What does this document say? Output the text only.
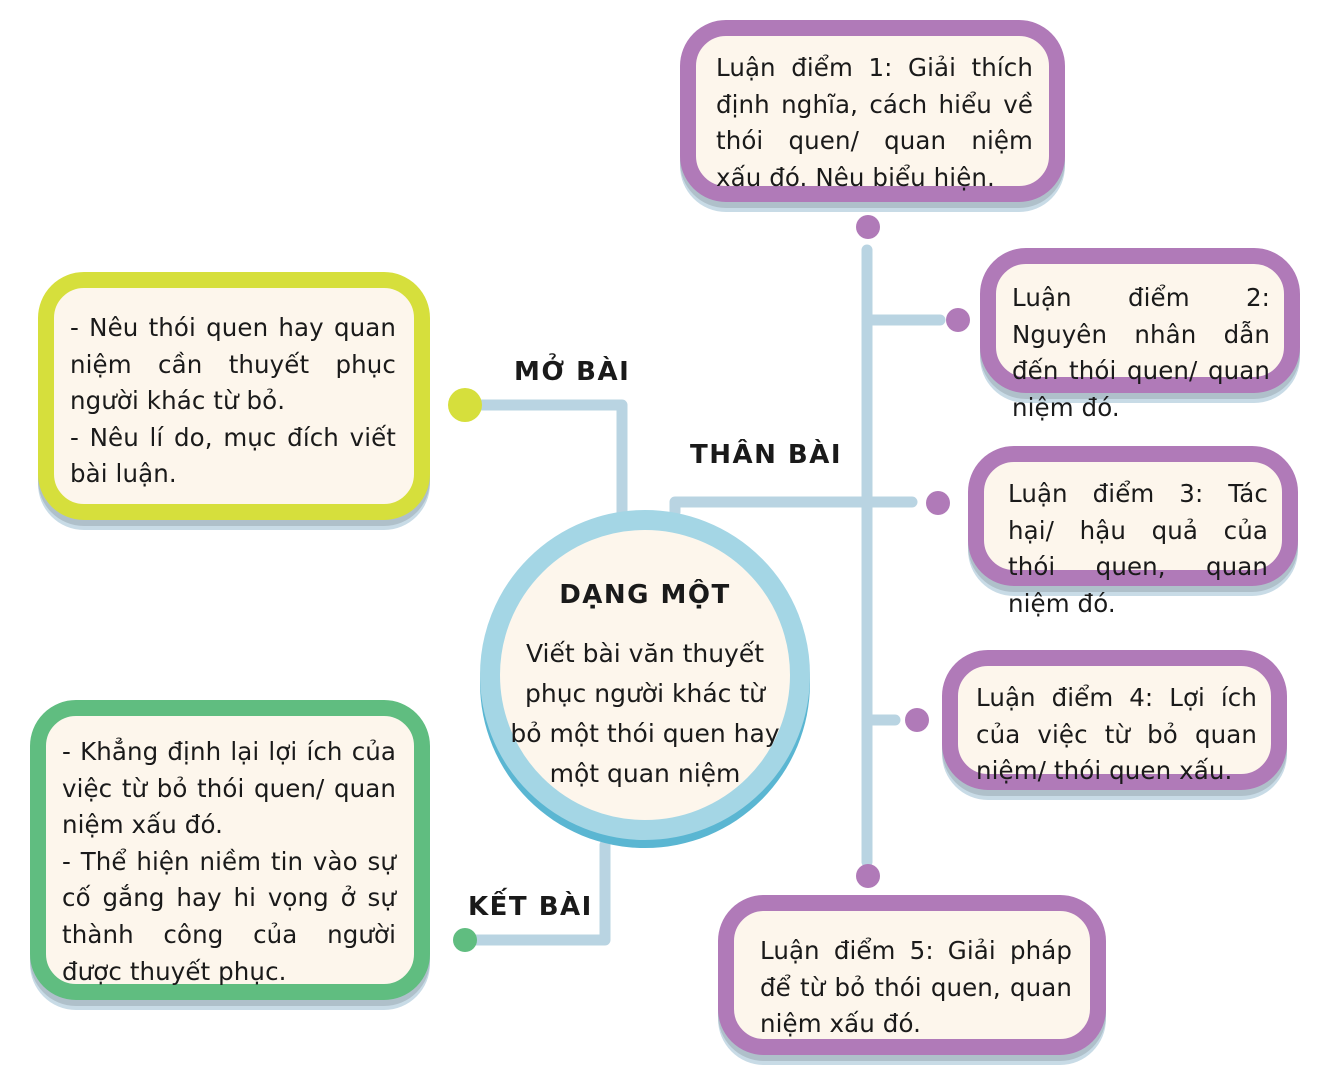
MỞ BÀI
THÂN BÀI
KẾT BÀI
DẠNG MỘT
Viết bài văn thuyết phục người khác từ bỏ một thói quen hay một quan niệm

- Nêu thói quen hay quan niệm cần thuyết phục người khác từ bỏ.

- Nêu lí do, mục đích viết bài luận.

- Khẳng định lại lợi ích của việc từ bỏ thói quen/ quan niệm xấu đó.

- Thể hiện niềm tin vào sự cố gắng hay hi vọng ở sự thành công của người được thuyết phục.

Luận điểm 1: Giải thích định nghĩa, cách hiểu về thói quen/ quan niệm xấu đó. Nêu biểu hiện.

Luận điểm 2: Nguyên nhân dẫn đến thói quen/ quan niệm đó.

Luận điểm 3: Tác hại/ hậu quả của thói quen, quan niệm đó.

Luận điểm 4: Lợi ích của việc từ bỏ quan niệm/ thói quen xấu.

Luận điểm 5: Giải pháp để từ bỏ thói quen, quan niệm xấu đó.
